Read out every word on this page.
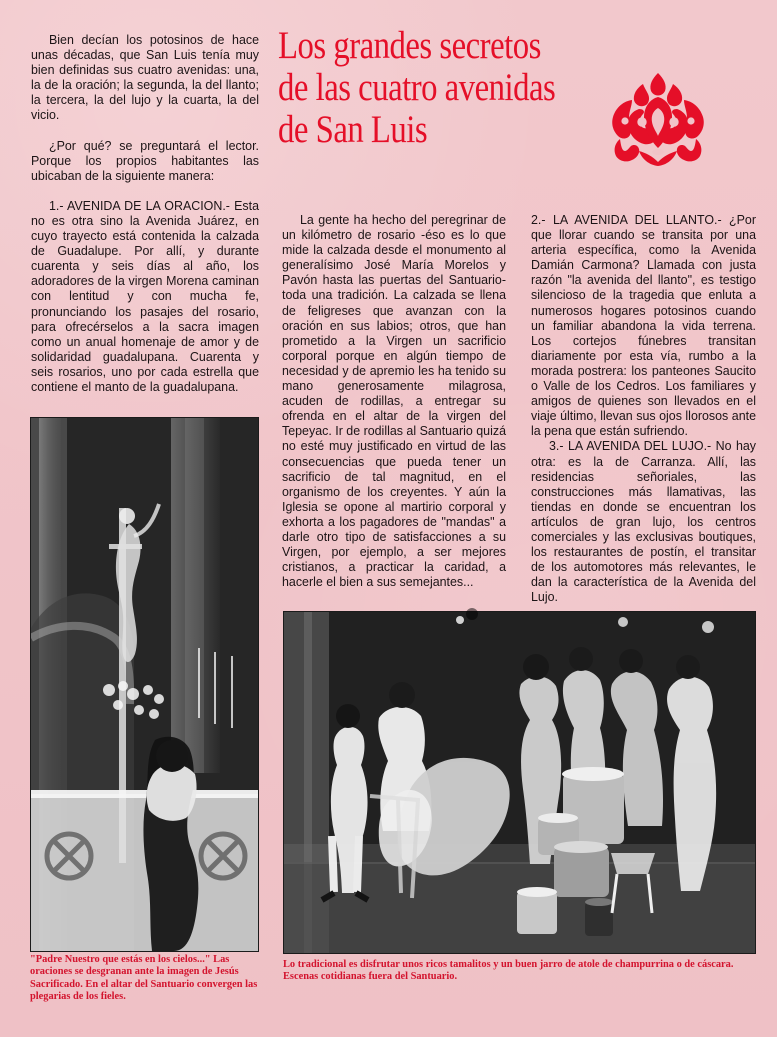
Bien decían los potosinos de hace unas décadas, que San Luis tenía muy bien definidas sus cuatro avenidas: una, la de la oración; la segunda, la del llanto; la tercera, la del lujo y la cuarta, la del vicio.

¿Por qué? se preguntará el lector. Porque los propios habitantes las ubicaban de la siguiente manera:

1.- AVENIDA DE LA ORACION.- Esta no es otra sino la Avenida Juárez, en cuyo trayecto está contenida la calzada de Guadalupe. Por allí, y durante cuarenta y seis días al año, los adoradores de la virgen Morena caminan con lentitud y con mucha fe, pronunciando los pasajes del rosario, para ofrecérselos a la sacra imagen como un anual homenaje de amor y de solidaridad guadalupana. Cuarenta y seis rosarios, uno por cada estrella que contiene el manto de la guadalupana.

Los grandes secretos
de las cuatro avenidas
de San Luis

La gente ha hecho del peregrinar de un kilómetro de rosario -éso es lo que mide la calzada desde el monumento al generalísimo José María Morelos y Pavón hasta las puertas del Santuario- toda una tradición. La calzada se llena de feligreses que avanzan con la oración en sus labios; otros, que han prometido a la Virgen un sacrificio corporal porque en algún tiempo de necesidad y de apremio les ha tenido su mano generosamente milagrosa, acuden de rodillas, a entregar su ofrenda en el altar de la virgen del Tepeyac. Ir de rodillas al Santuario quizá no esté muy justificado en virtud de las consecuencias que pueda tener un sacrificio de tal magnitud, en el organismo de los creyentes. Y aún la Iglesia se opone al martirio corporal y exhorta a los pagadores de "mandas" a darle otro tipo de satisfacciones a su Virgen, por ejemplo, a ser mejores cristianos, a practicar la caridad, a hacerle el bien a sus semejantes...

2.- LA AVENIDA DEL LLANTO.- ¿Por que llorar cuando se transita por una arteria específica, como la Avenida Damián Carmona? Llamada con justa razón "la avenida del llanto", es testigo silencioso de la tragedia que enluta a numerosos hogares potosinos cuando un familiar abandona la vida terrena. Los cortejos fúnebres transitan diariamente por esta vía, rumbo a la morada postrera: los panteones Saucito o Valle de los Cedros. Los familiares y amigos de quienes son llevados en el viaje último, llevan sus ojos llorosos ante la pena que están sufriendo.

3.- LA AVENIDA DEL LUJO.- No hay otra: es la de Carranza. Allí, las residencias señoriales, las construcciones más llamativas, las tiendas en donde se encuentran los artículos de gran lujo, los centros comerciales y las exclusivas boutiques, los restaurantes de postín, el transitar de los automotores más relevantes, le dan la característica de la Avenida del Lujo.

"Padre Nuestro que estás en los cielos..." Las oraciones se desgranan ante la imagen de Jesús Sacrificado. En el altar del Santuario convergen las plegarias de los fieles.
Lo tradicional es disfrutar unos ricos tamalitos y un buen jarro de atole de champurrina o de cáscara. Escenas cotidianas fuera del Santuario.
